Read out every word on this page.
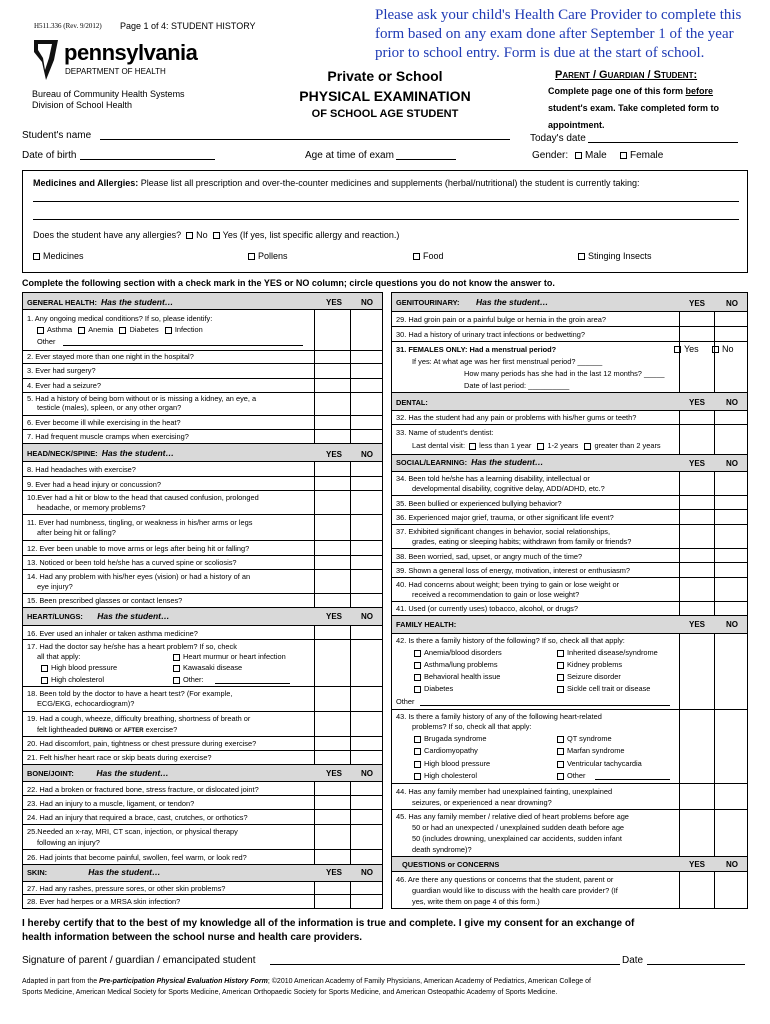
H511.336 (Rev. 9/2012) Page 1 of 4: STUDENT HISTORY
pennsylvania
DEPARTMENT OF HEALTH
Bureau of Community Health Systems
Division of School Health
Please ask your child's Health Care Provider to complete this
form based on any exam done after September 1 of the year
prior to school entry. Form is due at the start of school.
Private or School
PHYSICAL EXAMINATION
OF SCHOOL AGE STUDENT
Parent / Guardian / Student:
Complete page one of this form before
student's exam. Take completed form to
appointment.
Student's name	Today's date
Date of birth	Age at time of exam	Gender:	Male	Female
Medicines and Allergies: Please list all prescription and over-the-counter medicines and supplements (herbal/nutritional) the student is currently taking:
Does the student have any allergies? No Yes (If yes, list specific allergy and reaction.)
Medicines	Pollens	Food	Stinging Insects
Complete the following section with a check mark in the YES or NO column; circle questions you do not know the answer to.
GENERAL HEALTH: Has the student…	YES	NO
1. Any ongoing medical conditions? If so, please identify:
Asthma Anemia Diabetes Infection
Other
2. Ever stayed more than one night in the hospital?
3. Ever had surgery?
4. Ever had a seizure?
5. Had a history of being born without or is missing a kidney, an eye, a
testicle (males), spleen, or any other organ?
6. Ever become ill while exercising in the heat?
7. Had frequent muscle cramps when exercising?
HEAD/NECK/SPINE: Has the student…	YES	NO
8. Had headaches with exercise?
9. Ever had a head injury or concussion?
10.Ever had a hit or blow to the head that caused confusion, prolonged
headache, or memory problems?
11. Ever had numbness, tingling, or weakness in his/her arms or legs
after being hit or falling?
12. Ever been unable to move arms or legs after being hit or falling?
13. Noticed or been told he/she has a curved spine or scoliosis?
14. Had any problem with his/her eyes (vision) or had a history of an
eye injury?
15. Been prescribed glasses or contact lenses?
HEART/LUNGS: Has the student…	YES	NO
16. Ever used an inhaler or taken asthma medicine?
17. Had the doctor say he/she has a heart problem? If so, check
all that apply:	Heart murmur or heart infection
High blood pressure	Kawasaki disease
High cholesterol	Other:
18. Been told by the doctor to have a heart test? (For example,
ECG/EKG, echocardiogram)?
19. Had a cough, wheeze, difficulty breathing, shortness of breath or
felt lightheaded DURING or AFTER exercise?
20. Had discomfort, pain, tightness or chest pressure during exercise?
21. Felt his/her heart race or skip beats during exercise?
BONE/JOINT:	Has the student…	YES	NO
22. Had a broken or fractured bone, stress fracture, or dislocated joint?
23. Had an injury to a muscle, ligament, or tendon?
24. Had an injury that required a brace, cast, crutches, or orthotics?
25.Needed an x-ray, MRI, CT scan, injection, or physical therapy
following an injury?
26. Had joints that become painful, swollen, feel warm, or look red?
SKIN:	Has the student…	YES	NO
27. Had any rashes, pressure sores, or other skin problems?
28. Ever had herpes or a MRSA skin infection?
GENITOURINARY: Has the student…	YES	NO
29. Had groin pain or a painful bulge or hernia in the groin area?
30. Had a history of urinary tract infections or bedwetting?
31. FEMALES ONLY: Had a menstrual period?	Yes	No
If yes: At what age was her first menstrual period? ______
How many periods has she had in the last 12 months? _____
Date of last period: __________
DENTAL:	YES	NO
32. Has the student had any pain or problems with his/her gums or teeth?
33. Name of student's dentist:
Last dental visit: less than 1 year 1-2 years greater than 2 years
SOCIAL/LEARNING: Has the student…	YES	NO
34. Been told he/she has a learning disability, intellectual or
developmental disability, cognitive delay, ADD/ADHD, etc.?
35. Been bullied or experienced bullying behavior?
36. Experienced major grief, trauma, or other significant life event?
37. Exhibited significant changes in behavior, social relationships,
grades, eating or sleeping habits; withdrawn from family or friends?
38. Been worried, sad, upset, or angry much of the time?
39. Shown a general loss of energy, motivation, interest or enthusiasm?
40. Had concerns about weight; been trying to gain or lose weight or
received a recommendation to gain or lose weight?
41. Used (or currently uses) tobacco, alcohol, or drugs?
FAMILY HEALTH:	YES	NO
42. Is there a family history of the following? If so, check all that apply:
Anemia/blood disorders	Inherited disease/syndrome
Asthma/lung problems	Kidney problems
Behavioral health issue	Seizure disorder
Diabetes	Sickle cell trait or disease
Other
43. Is there a family history of any of the following heart-related
problems? If so, check all that apply:
Brugada syndrome	QT syndrome
Cardiomyopathy	Marfan syndrome
High blood pressure	Ventricular tachycardia
High cholesterol	Other
44. Has any family member had unexplained fainting, unexplained
seizures, or experienced a near drowning?
45. Has any family member / relative died of heart problems before age
50 or had an unexpected / unexplained sudden death before age
50 (includes drowning, unexplained car accidents, sudden infant
death syndrome)?
QUESTIONS or CONCERNS	YES	NO
46. Are there any questions or concerns that the student, parent or
guardian would like to discuss with the health care provider? (If
yes, write them on page 4 of this form.)
I hereby certify that to the best of my knowledge all of the information is true and complete. I give my consent for an exchange of
health information between the school nurse and health care providers.
Signature of parent / guardian / emancipated student	Date
Adapted in part from the Pre-participation Physical Evaluation History Form; ©2010 American Academy of Family Physicians, American Academy of Pediatrics, American College of
Sports Medicine, American Medical Society for Sports Medicine, American Orthopaedic Society for Sports Medicine, and American Osteopathic Academy of Sports Medicine.
